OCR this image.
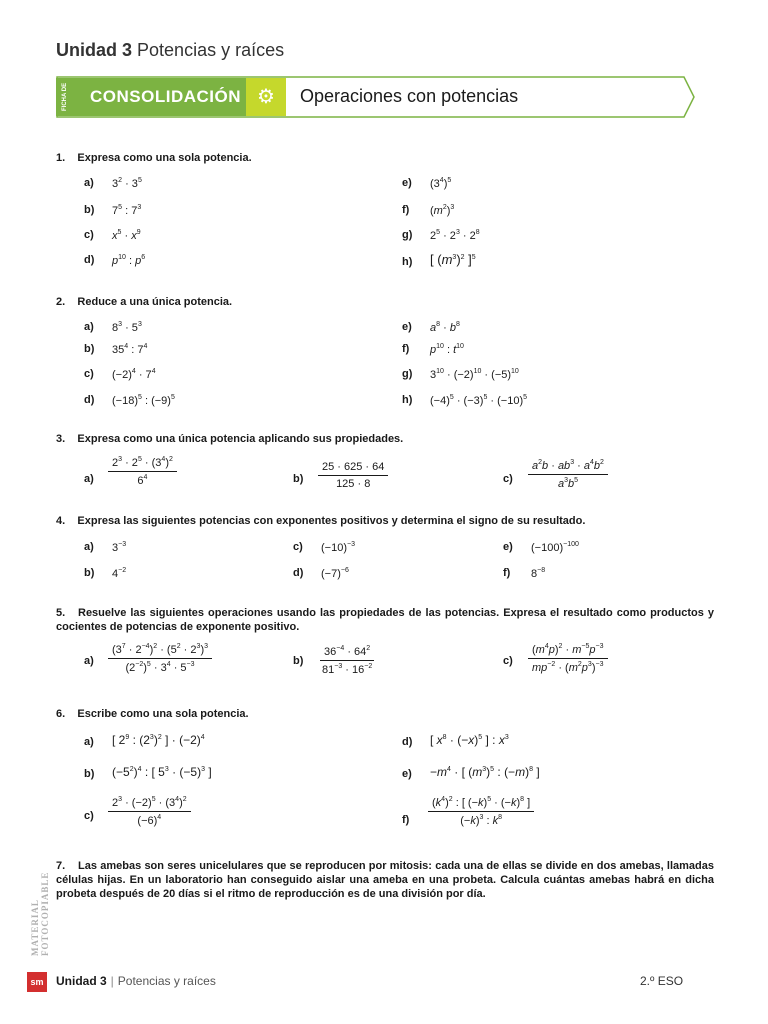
Unidad 3 Potencias y raíces
FICHA DE	CONSOLIDACIÓN ⚙	Operaciones con potencias
1. Expresa como una sola potencia.
a) $3^2 \cdot 3^5$
b) $7^5$ : $7^3$
c) $x^5 \cdot x^9$
d) $p^{10}$ : $p^6$
e) $(3^4)^5$
f) $(m^2)^3$
g) $2^5 \cdot 2^3 \cdot 2^8$
h) [ $(m^3)^2$ ]$^5$
2. Reduce a una única potencia.
a) $8^3 \cdot 5^3$
b) $35^4$ : $7^4$
c) $(-2)^4 \cdot 7^4$
d) $(-18)^5$ : $(-9)^5$
e) $a^8 \cdot b^8$
f) $p^{10}$ : $t^{10}$
g) $3^{10} \cdot (-2)^{10} \cdot (-5)^{10}$
h) $(-4)^5 \cdot (-3)^5 \cdot (-10)^5$
3. Expresa como una única potencia aplicando sus propiedades.
$a) \frac{2^3 \cdot 2^5 \cdot (3^4)^2}{6^4}$	$b) \frac{25 \cdot 625 \cdot 64}{125 \cdot 8}$	$c) \frac{a^2b \cdot ab^3 \cdot a^4b^2}{a^3b^5}$
4. Expresa las siguientes potencias con exponentes positivos y determina el signo de su resultado.
a) $3^{-3}$
b) $4^{-2}$
c) $(-10)^{-3}$
d) $(-7)^{-6}$
e) $(-100)^{-100}$
f) $8^{-8}$
5. Resuelve las siguientes operaciones usando las propiedades de las potencias. Expresa el resultado como productos y cocientes de potencias de exponente positivo.
$a) \frac{(3^7 \cdot 2^{-4})^2 \cdot (5^2 \cdot 2^3)^3}{(2^{-2})^5 \cdot 3^4 \cdot 5^{-3}}$	$b) \frac{36^{-4} \cdot 64^2}{81^{-3} \cdot 16^{-2}}$	$c) \frac{(m^4p)^2 \cdot m^{-5}p^{-3}}{mp^{-2} \cdot (m^2p^3)^{-3}}$
6. Escribe como una sola potencia.
a) [ $2^9$ : $(2^3)^2$ ] · $(-2)^4$
b) $(-5^2)^4$ : [ $5^3 \cdot (-5)^3$ ]
$c) \frac{2^3 \cdot (-2)^5 \cdot (3^4)^2}{(-6)^4}$
d) [ $x^8 \cdot (-x)^5$ ] : $x^3$
$e) -m^4$ · [ $(m^3)^5$ : $(-m)^8$ ]
$f) \frac{(k^4)^2 : [ (-k)^5 \cdot (-k)^8 ]}{(-k)^3 : k^8}$
7. Las amebas son seres unicelulares que se reproducen por mitosis: cada una de ellas se divide en dos amebas, llamadas células hijas. En un laboratorio han conseguido aislar una ameba en una probeta. Calcula cuántas amebas habrá en dicha probeta después de 20 días si el ritmo de reproducción es de una división por día.
MATERIAL FOTOCOPIABLE
sm Unidad 3 | Potencias y raíces	2.º ESO
